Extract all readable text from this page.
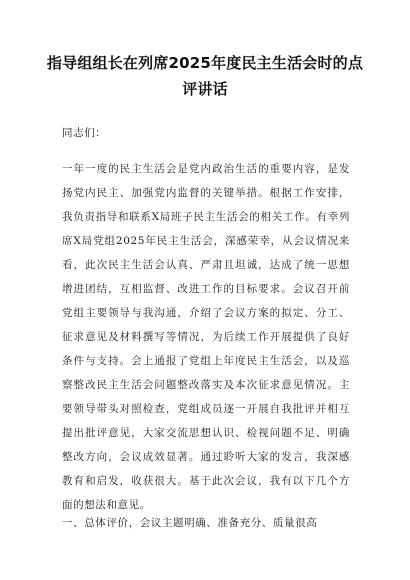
指导组组长在列席2025年度民主生活会时的点
评讲话
同志们：
一年一度的民主生活会是党内政治生活的重要内容，是发
扬党内民主、加强党内监督的关键举措。根据工作安排，
我负责指导和联系X局班子民主生活会的相关工作。有幸列
席X局党组2025年民主生活会，深感荣幸，从会议情况来
看，此次民主生活会认真、严肃且坦诚，达成了统一思想
增进团结，互相监督、改进工作的目标要求。会议召开前
党组主要领导与我沟通，介绍了会议方案的拟定、分工、
征求意见及材料撰写等情况，为后续工作开展提供了良好
条件与支持。会上通报了党组上年度民主生活会，以及巡
察整改民主生活会问题整改落实及本次征求意见情况。主
要领导带头对照检查，党组成员逐一开展自我批评并相互
提出批评意见，大家交流思想认识、检视问题不足、明确
整改方向，会议成效显著。通过聆听大家的发言，我深感
教育和启发，收获很大。基于此次会议，我有以下几个方
面的想法和意见。
一、总体评价，会议主题明确、准备充分、质量很高
